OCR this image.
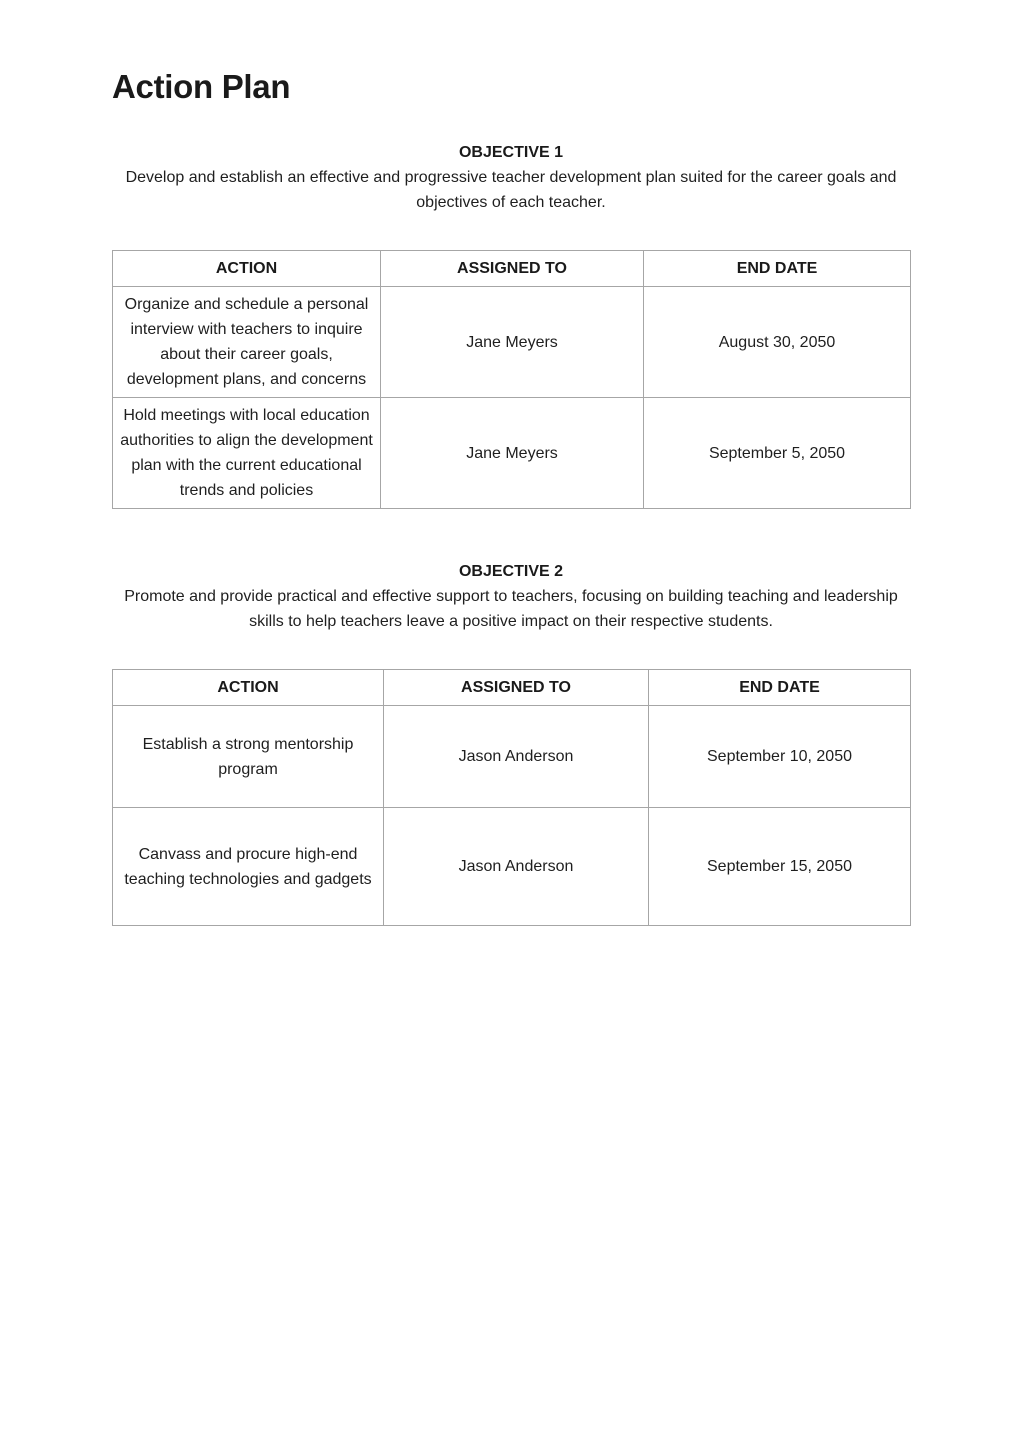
Action Plan
OBJECTIVE 1
Develop and establish an effective and progressive teacher development plan suited for the career goals and objectives of each teacher.
ACTION	ASSIGNED TO	END DATE
Organize and schedule a personal interview with teachers to inquire about their career goals, development plans, and concerns	Jane Meyers	August 30, 2050
Hold meetings with local education authorities to align the development plan with the current educational trends and policies	Jane Meyers	September 5, 2050
OBJECTIVE 2
Promote and provide practical and effective support to teachers, focusing on building teaching and leadership skills to help teachers leave a positive impact on their respective students.
ACTION	ASSIGNED TO	END DATE
Establish a strong mentorship program	Jason Anderson	September 10, 2050
Canvass and procure high-end teaching technologies and gadgets	Jason Anderson	September 15, 2050
